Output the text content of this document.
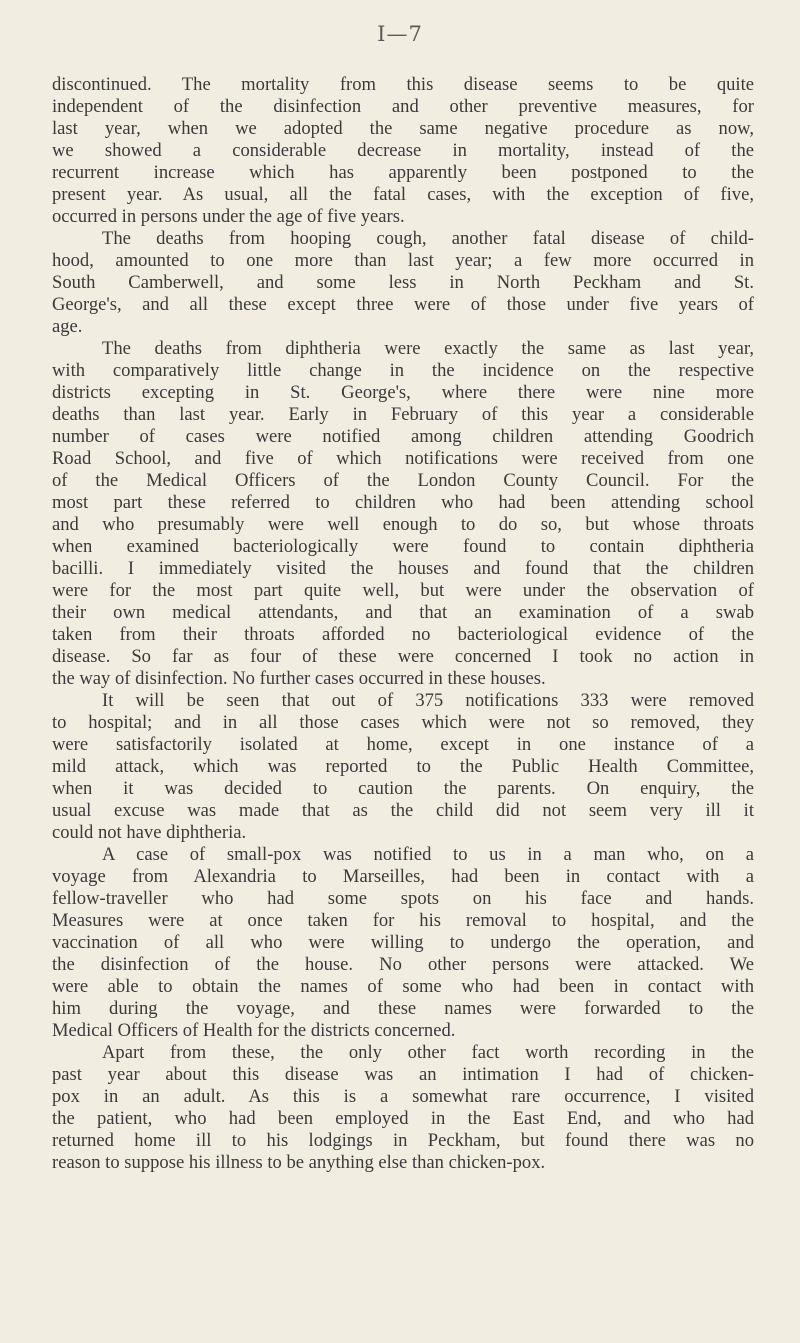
I—7
discontinued. The mortality from this disease seems to be quite
independent of the disinfection and other preventive measures, for
last year, when we adopted the same negative procedure as now,
we showed a considerable decrease in mortality, instead of the
recurrent increase which has apparently been postponed to the
present year. As usual, all the fatal cases, with the exception of five,
occurred in persons under the age of five years.
The deaths from hooping cough, another fatal disease of child-
hood, amounted to one more than last year; a few more occurred in
South Camberwell, and some less in North Peckham and St.
George's, and all these except three were of those under five years of
age.
The deaths from diphtheria were exactly the same as last year,
with comparatively little change in the incidence on the respective
districts excepting in St. George's, where there were nine more
deaths than last year. Early in February of this year a considerable
number of cases were notified among children attending Goodrich
Road School, and five of which notifications were received from one
of the Medical Officers of the London County Council. For the
most part these referred to children who had been attending school
and who presumably were well enough to do so, but whose throats
when examined bacteriologically were found to contain diphtheria
bacilli. I immediately visited the houses and found that the children
were for the most part quite well, but were under the observation of
their own medical attendants, and that an examination of a swab
taken from their throats afforded no bacteriological evidence of the
disease. So far as four of these were concerned I took no action in
the way of disinfection. No further cases occurred in these houses.
It will be seen that out of 375 notifications 333 were removed
to hospital; and in all those cases which were not so removed, they
were satisfactorily isolated at home, except in one instance of a
mild attack, which was reported to the Public Health Committee,
when it was decided to caution the parents. On enquiry, the
usual excuse was made that as the child did not seem very ill it
could not have diphtheria.
A case of small-pox was notified to us in a man who, on a
voyage from Alexandria to Marseilles, had been in contact with a
fellow-traveller who had some spots on his face and hands.
Measures were at once taken for his removal to hospital, and the
vaccination of all who were willing to undergo the operation, and
the disinfection of the house. No other persons were attacked. We
were able to obtain the names of some who had been in contact with
him during the voyage, and these names were forwarded to the
Medical Officers of Health for the districts concerned.
Apart from these, the only other fact worth recording in the
past year about this disease was an intimation I had of chicken-
pox in an adult. As this is a somewhat rare occurrence, I visited
the patient, who had been employed in the East End, and who had
returned home ill to his lodgings in Peckham, but found there was no
reason to suppose his illness to be anything else than chicken-pox.
